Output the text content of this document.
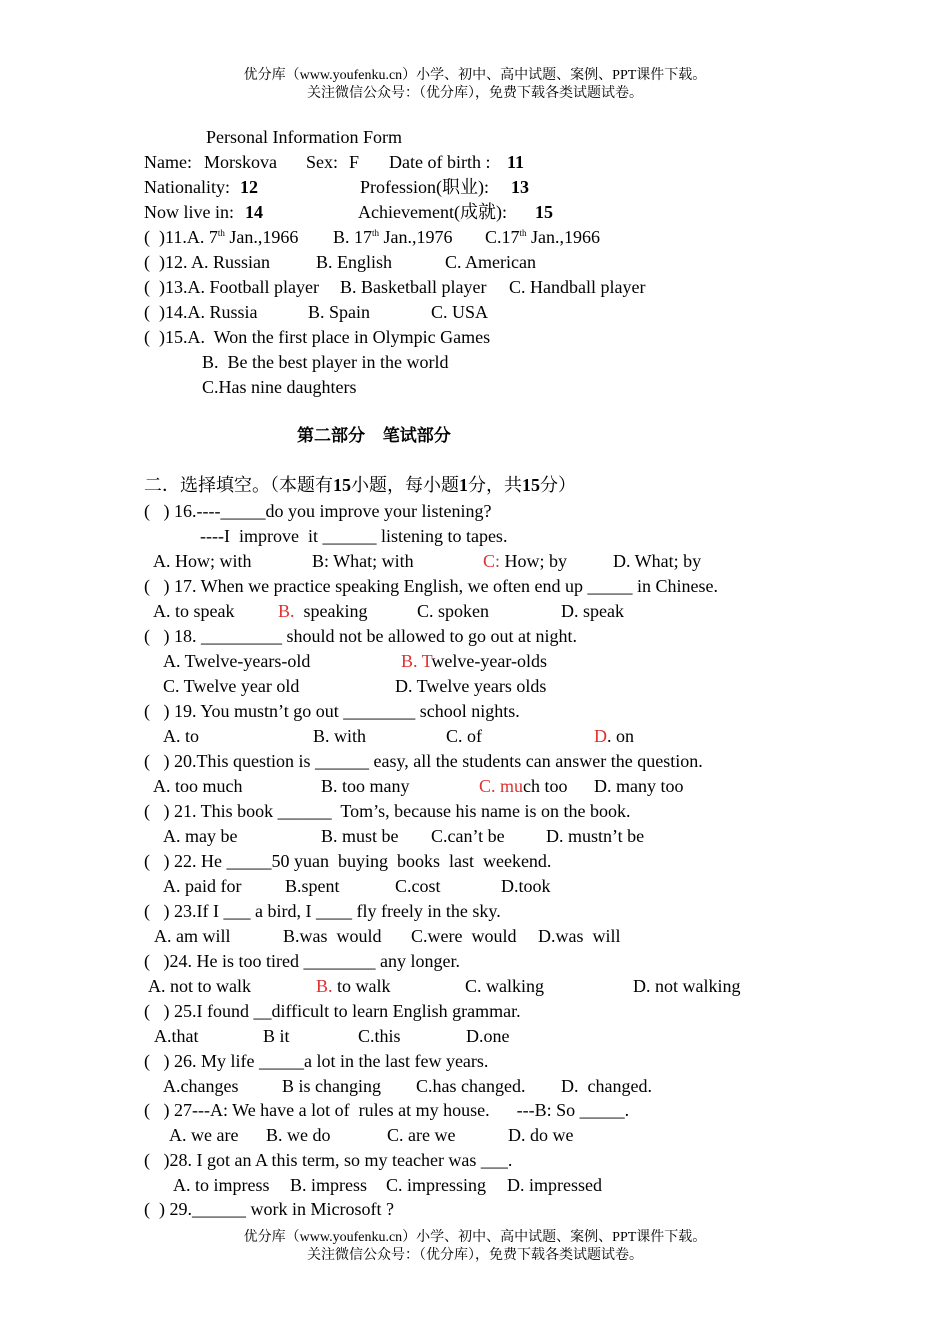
优分库（www.youfenku.cn）小学、初中、高中试题、案例、PPT课件下载。
关注微信公众号：（优分库），免费下载各类试题试卷。
Personal Information Form
Name: Morskova Sex: F Date of birth : 11
Nationality: 12	Profession(职业): 13
Now live in: 14	Achievement(成就): 15
(  )11.A. 7th Jan.,1966 B. 17th Jan.,1976 C.17th Jan.,1966
(  )12. A. Russian	B. English	C. American
(  )13.A. Football player B. Basketball player C. Handball player
(  )14.A. Russia	B. Spain	C. USA
(  )15.A.  Won the first place in Olympic Games
B.  Be the best player in the world
C.Has nine daughters
第二部分   笔试部分
二．选择填空。（本题有15小题，每小题1分，共15分）
(   ) 16.----_____do you improve your listening?
----I  improve  it ______ listening to tapes.
A. How; with	B: What; with	C: How; by	D. What; by
(   ) 17. When we practice speaking English, we often end up _____ in Chinese.
A. to speak B.  speaking	C. spoken	D. speak
(   ) 18. _________ should not be allowed to go out at night.
A. Twelve-years-old	B. Twelve-year-olds
C. Twelve year old	D. Twelve years olds
(   ) 19. You mustn’t go out ________ school nights.
A. to	B. with	C. of	D. on
(   ) 20.This question is ______ easy, all the students can answer the question.
A. too much	B. too many	C. much too D. many too
(   ) 21. This book ______  Tom’s, because his name is on the book.
A. may be	B. must be C.can’t be D. mustn’t be
(   ) 22. He _____50 yuan  buying  books  last  weekend.
A. paid for B.spent	C.cost	D.took
(   ) 23.If I ___ a bird, I ____ fly freely in the sky.
A. am will	B.was  would C.were  would D.was  will
(   )24. He is too tired ________ any longer.
A. not to walk	B. to walk	C. walking	D. not walking
(   ) 25.I found __difficult to learn English grammar.
A.that	B it	C.this	D.one
(   ) 26. My life _____a lot in the last few years.
A.changes B is changing C.has changed. D.  changed.
(   ) 27---A: We have a lot of  rules at my house.      ---B: So _____.
A. we are B. we do	C. are we	D. do we
(   )28. I got an A this term, so my teacher was ___.
A. to impress B. impress C. impressing D. impressed
(  ) 29.______ work in Microsoft ?
优分库（www.youfenku.cn）小学、初中、高中试题、案例、PPT课件下载。
关注微信公众号：（优分库），免费下载各类试题试卷。
